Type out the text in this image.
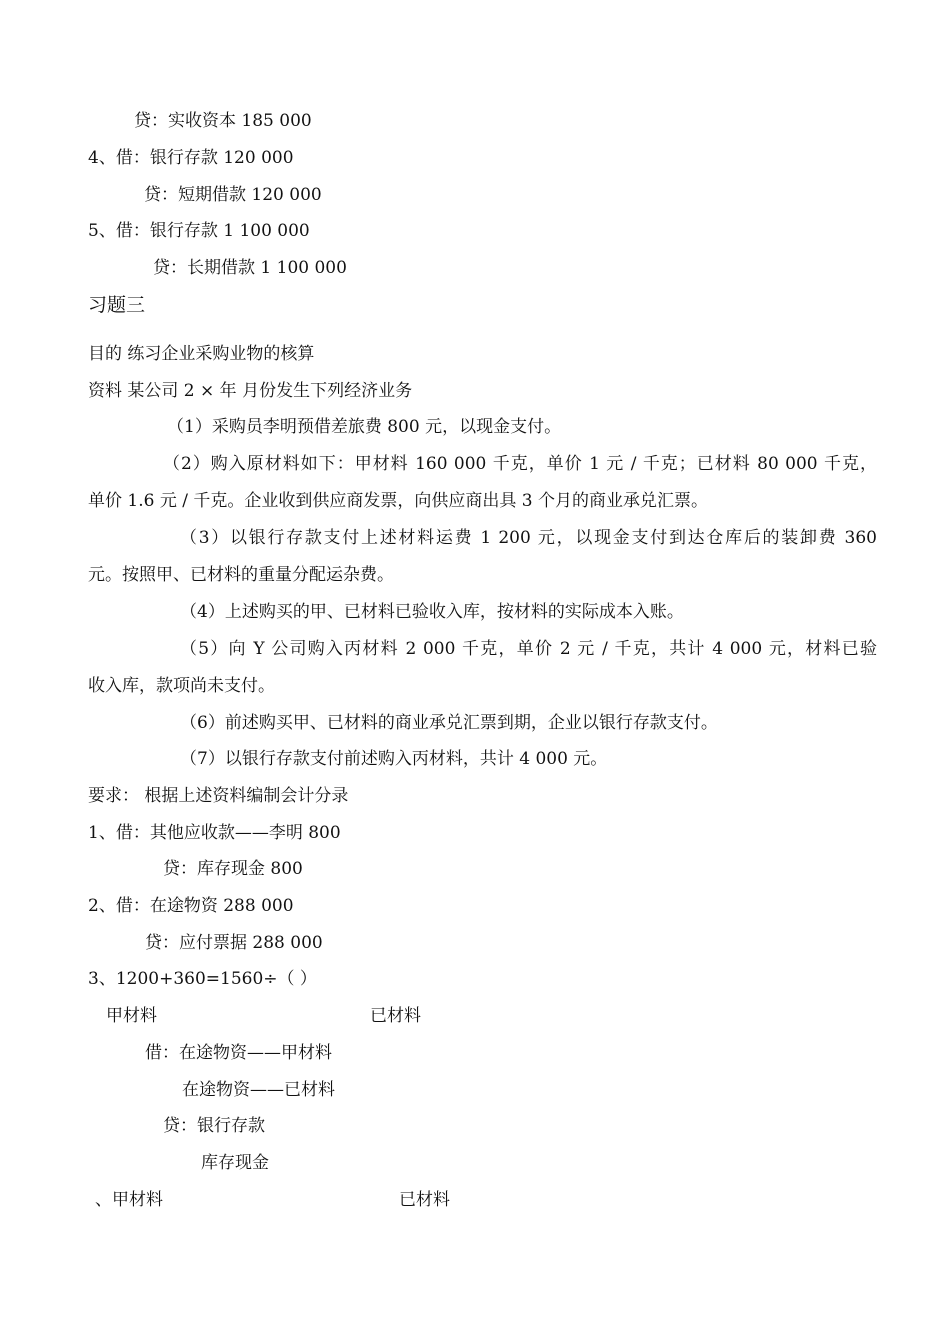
贷：实收资本 185 000
4、借：银行存款 120 000
贷：短期借款 120 000
5、借：银行存款 1 100 000
贷：长期借款 1 100 000
习题三
目的 练习企业采购业物的核算
资料 某公司 2 × 年 月份发生下列经济业务
（1）采购员李明预借差旅费 800 元，以现金支付。
（2）购入原材料如下：甲材料 160 000 千克，单价 1 元 / 千克；已材料 80 000 千克，
单价 1.6 元 / 千克。企业收到供应商发票，向供应商出具 3 个月的商业承兑汇票。
（3）以银行存款支付上述材料运费 1 200 元，以现金支付到达仓库后的装卸费 360
元。按照甲、已材料的重量分配运杂费。
（4）上述购买的甲、已材料已验收入库，按材料的实际成本入账。
（5）向 Y 公司购入丙材料 2 000 千克，单价 2 元 / 千克，共计 4 000 元，材料已验
收入库，款项尚未支付。
（6）前述购买甲、已材料的商业承兑汇票到期，企业以银行存款支付。
（7）以银行存款支付前述购入丙材料，共计 4 000 元。
要求： 根据上述资料编制会计分录
1、借：其他应收款——李明 800
贷：库存现金 800
2、借：在途物资 288 000
贷：应付票据 288 000
3、1200+360=1560÷（ ）
甲材料	已材料
借：在途物资——甲材料
在途物资——已材料
贷：银行存款
库存现金
、甲材料	已材料
